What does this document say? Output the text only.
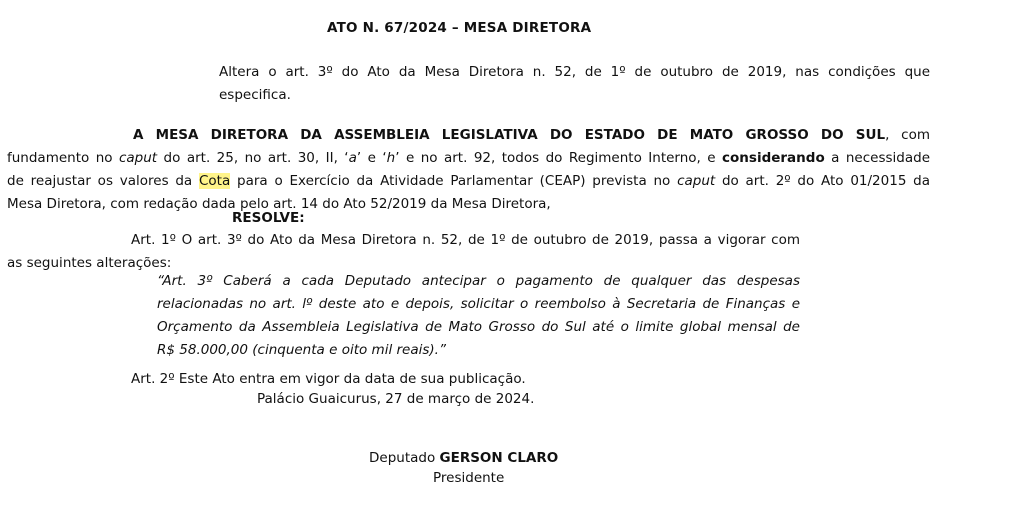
ATO N. 67/2024 – MESA DIRETORA

Altera o art. 3º do Ato da Mesa Diretora n. 52, de 1º de outubro de 2019, nas condições que

especifica.

A MESA DIRETORA DA ASSEMBLEIA LEGISLATIVA DO ESTADO DE MATO GROSSO DO SUL, com

fundamento no caput do art. 25, no art. 30, II, ‘a’ e ‘h’ e no art. 92, todos do Regimento Interno, e considerando a necessidade

de reajustar os valores da Cota para o Exercício da Atividade Parlamentar (CEAP) prevista no caput do art. 2º do Ato 01/2015 da

Mesa Diretora, com redação dada pelo art. 14 do Ato 52/2019 da Mesa Diretora,

RESOLVE:

Art. 1º O art. 3º do Ato da Mesa Diretora n. 52, de 1º de outubro de 2019, passa a vigorar com

as seguintes alterações:

“Art. 3º Caberá a cada Deputado antecipar o pagamento de qualquer das despesas

relacionadas no art. lº deste ato e depois, solicitar o reembolso à Secretaria de Finanças e

Orçamento da Assembleia Legislativa de Mato Grosso do Sul até o limite global mensal de

R$ 58.000,00 (cinquenta e oito mil reais).”

Art. 2º Este Ato entra em vigor da data de sua publicação.
Palácio Guaicurus, 27 de março de 2024.
Deputado GERSON CLARO
Presidente
